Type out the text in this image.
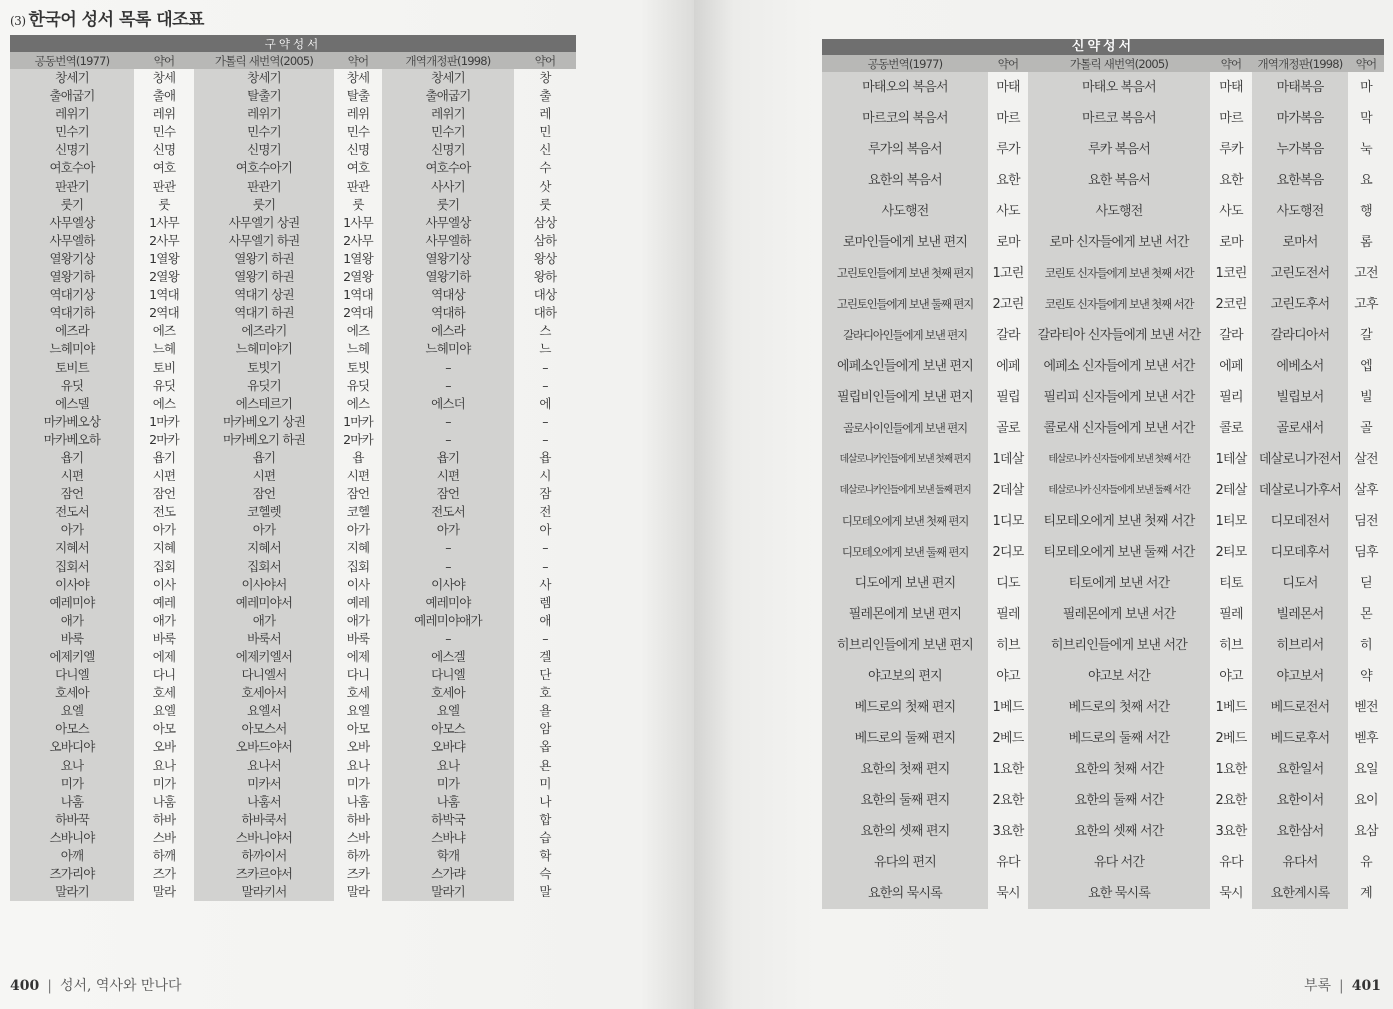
(3) 한국어 성서 목록 대조표
구약성서					
공동번역(1977)	약어	가톨릭 새번역(2005)	약어	개역개정판(1998)	약어
창세기	창세	창세기	창세	창세기	창
출애굽기	출애	탈출기	탈출	출애굽기	출
레위기	레위	레위기	레위	레위기	레
민수기	민수	민수기	민수	민수기	민
신명기	신명	신명기	신명	신명기	신
여호수아	여호	여호수아기	여호	여호수아	수
판관기	판관	판관기	판관	사사기	삿
룻기	룻	룻기	룻	룻기	룻
사무엘상	1사무	사무엘기 상권	1사무	사무엘상	삼상
사무엘하	2사무	사무엘기 하권	2사무	사무엘하	삼하
열왕기상	1열왕	열왕기 하권	1열왕	열왕기상	왕상
열왕기하	2열왕	열왕기 하권	2열왕	열왕기하	왕하
역대기상	1역대	역대기 상권	1역대	역대상	대상
역대기하	2역대	역대기 하권	2역대	역대하	대하
에즈라	에즈	에즈라기	에즈	에스라	스
느헤미야	느헤	느헤미야기	느헤	느헤미야	느
토비트	토비	토빗기	토빗	–	–
유딧	유딧	유딧기	유딧	–	–
에스델	에스	에스테르기	에스	에스더	에
마카베오상	1마카	마카베오기 상권	1마카	–	–
마카베오하	2마카	마카베오기 하권	2마카	–	–
욥기	욥기	욥기	욥	욥기	욥
시편	시편	시편	시편	시편	시
잠언	잠언	잠언	잠언	잠언	잠
전도서	전도	코헬렛	코헬	전도서	전
아가	아가	아가	아가	아가	아
지혜서	지혜	지혜서	지혜	–	–
집회서	집회	집회서	집회	–	–
이사야	이사	이사야서	이사	이사야	사
예레미야	예레	예레미야서	예레	예레미야	렘
애가	애가	애가	애가	예레미야애가	애
바룩	바룩	바룩서	바룩	–	–
에제키엘	에제	에제키엘서	에제	에스겔	겔
다니엘	다니	다니엘서	다니	다니엘	단
호세아	호세	호세아서	호세	호세아	호
요엘	요엘	요엘서	요엘	요엘	욜
아모스	아모	아모스서	아모	아모스	암
오바디야	오바	오바드야서	오바	오바댜	옵
요나	요나	요나서	요나	요나	욘
미가	미가	미카서	미가	미가	미
나훔	나훔	나훔서	나훔	나훔	나
하바꾹	하바	하바쿡서	하바	하박국	합
스바니야	스바	스바니야서	스바	스바냐	습
아깨	하깨	하까이서	하까	학개	학
즈가리야	즈가	즈카르야서	즈카	스가랴	슥
말라기	말라	말라키서	말라	말라기	말
400 | 성서, 역사와 만나다	부록 | 401
신약성서					
공동번역(1977)	약어	가톨릭 새번역(2005)	약어	개역개정판(1998)	약어
마태오의 복음서	마태	마태오 복음서	마태	마태복음	마
마르코의 복음서	마르	마르코 복음서	마르	마가복음	막
루가의 복음서	루가	루카 복음서	루카	누가복음	눅
요한의 복음서	요한	요한 복음서	요한	요한복음	요
사도행전	사도	사도행전	사도	사도행전	행
로마인들에게 보낸 편지	로마	로마 신자들에게 보낸 서간	로마	로마서	롬
고린토인들에게 보낸 첫째 편지	1고린	코린토 신자들에게 보낸 첫째 서간	1코린	고린도전서	고전
고린토인들에게 보낸 둘째 편지	2고린	코린토 신자들에게 보낸 첫째 서간	2코린	고린도후서	고후
갈라디아인들에게 보낸 편지	갈라	갈라티아 신자들에게 보낸 서간	갈라	갈라디아서	갈
에페소인들에게 보낸 편지	에페	에페소 신자들에게 보낸 서간	에페	에베소서	엡
필립비인들에게 보낸 편지	필립	필리피 신자들에게 보낸 서간	필리	빌립보서	빌
골로사이인들에게 보낸 편지	골로	콜로새 신자들에게 보낸 서간	콜로	골로새서	골
데살로니카인들에게 보낸 첫째 편지	1데살	테살로니카 신자들에게 보낸 첫째 서간	1테살	데살로니가전서	살전
데살로니카인들에게 보낸 둘째 편지	2데살	테살로니카 신자들에게 보낸 둘째 서간	2테살	데살로니가후서	살후
디모테오에게 보낸 첫째 편지	1디모	티모테오에게 보낸 첫째 서간	1티모	디모데전서	딤전
디모테오에게 보낸 둘째 편지	2디모	티모테오에게 보낸 둘째 서간	2티모	디모데후서	딤후
디도에게 보낸 편지	디도	티토에게 보낸 서간	티토	디도서	딛
필레몬에게 보낸 편지	필레	필레몬에게 보낸 서간	필레	빌레몬서	몬
히브리인들에게 보낸 편지	히브	히브리인들에게 보낸 서간	히브	히브리서	히
야고보의 편지	야고	야고보 서간	야고	야고보서	약
베드로의 첫째 편지	1베드	베드로의 첫째 서간	1베드	베드로전서	벧전
베드로의 둘째 편지	2베드	베드로의 둘째 서간	2베드	베드로후서	벧후
요한의 첫째 편지	1요한	요한의 첫째 서간	1요한	요한일서	요일
요한의 둘째 편지	2요한	요한의 둘째 서간	2요한	요한이서	요이
요한의 셋째 편지	3요한	요한의 셋째 서간	3요한	요한삼서	요삼
유다의 편지	유다	유다 서간	유다	유다서	유
요한의 묵시록	묵시	요한 묵시록	묵시	요한계시록	계
